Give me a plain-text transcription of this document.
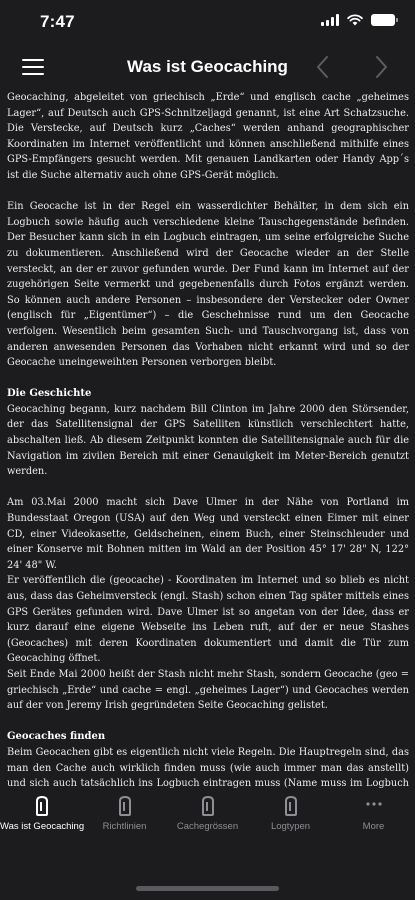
7:47
Was ist Geocaching

Geocaching, abgeleitet von griechisch „Erde“ und englisch cache „geheimes Lager“, auf Deutsch auch GPS-Schnitzeljagd genannt, ist eine Art Schatzsuche. Die Verstecke, auf Deutsch kurz „Caches“ werden anhand geographischer Koordinaten im Internet veröffentlicht und können anschließend mithilfe eines GPS-Empfängers gesucht werden. Mit genauen Landkarten oder Handy App´s ist die Suche alternativ auch ohne GPS-Gerät möglich.

Ein Geocache ist in der Regel ein wasserdichter Behälter, in dem sich ein Logbuch sowie häufig auch verschiedene kleine Tauschgegenstände befinden. Der Besucher kann sich in ein Logbuch eintragen, um seine erfolgreiche Suche zu dokumentieren. Anschließend wird der Geocache wieder an der Stelle versteckt, an der er zuvor gefunden wurde. Der Fund kann im Internet auf der zugehörigen Seite vermerkt und gegebenenfalls durch Fotos ergänzt werden. So können auch andere Personen – insbesondere der Verstecker oder Owner (englisch für „Eigentümer“) – die Geschehnisse rund um den Geocache verfolgen. Wesentlich beim gesamten Such- und Tauschvorgang ist, dass von anderen anwesenden Personen das Vorhaben nicht erkannt wird und so der Geocache uneingeweihten Personen verborgen bleibt.

Die Geschichte

Geocaching begann, kurz nachdem Bill Clinton im Jahre 2000 den Störsender, der das Satellitensignal der GPS Satelliten künstlich verschlechtert hatte, abschalten ließ. Ab diesem Zeitpunkt konnten die Satellitensignale auch für die Navigation im zivilen Bereich mit einer Genauigkeit im Meter-Bereich genutzt werden.

Am 03.Mai 2000 macht sich Dave Ulmer in der Nähe von Portland im Bundesstaat Oregon (USA) auf den Weg und versteckt einen Eimer mit einer CD, einer Videokasette, Geldscheinen, einem Buch, einer Steinschleuder und einer Konserve mit Bohnen mitten im Wald an der Position 45° 17' 28" N, 122° 24' 48" W.

Er veröffentlich die (geocache) - Koordinaten im Internet und so blieb es nicht aus, dass das Geheimversteck (engl. Stash) schon einen Tag später mittels eines GPS Gerätes gefunden wird. Dave Ulmer ist so angetan von der Idee, dass er kurz darauf eine eigene Webseite ins Leben ruft, auf der er neue Stashes (Geocaches) mit deren Koordinaten dokumentiert und damit die Tür zum Geocaching öffnet.

Seit Ende Mai 2000 heißt der Stash nicht mehr Stash, sondern Geocache (geo = griechisch „Erde“ und cache = engl. „geheimes Lager“) und Geocaches werden auf der von Jeremy Irish gegründeten Seite Geocaching gelistet.

Geocaches finden

Beim Geocachen gibt es eigentlich nicht viele Regeln. Die Hauptregeln sind, das man den Cache auch wirklich finden muss (wie auch immer man das anstellt) und sich auch tatsächlich ins Logbuch eintragen muss (Name muss im Logbuch

Was ist Geocaching	Richtlinien	Cachegrössen	Logtypen	More
